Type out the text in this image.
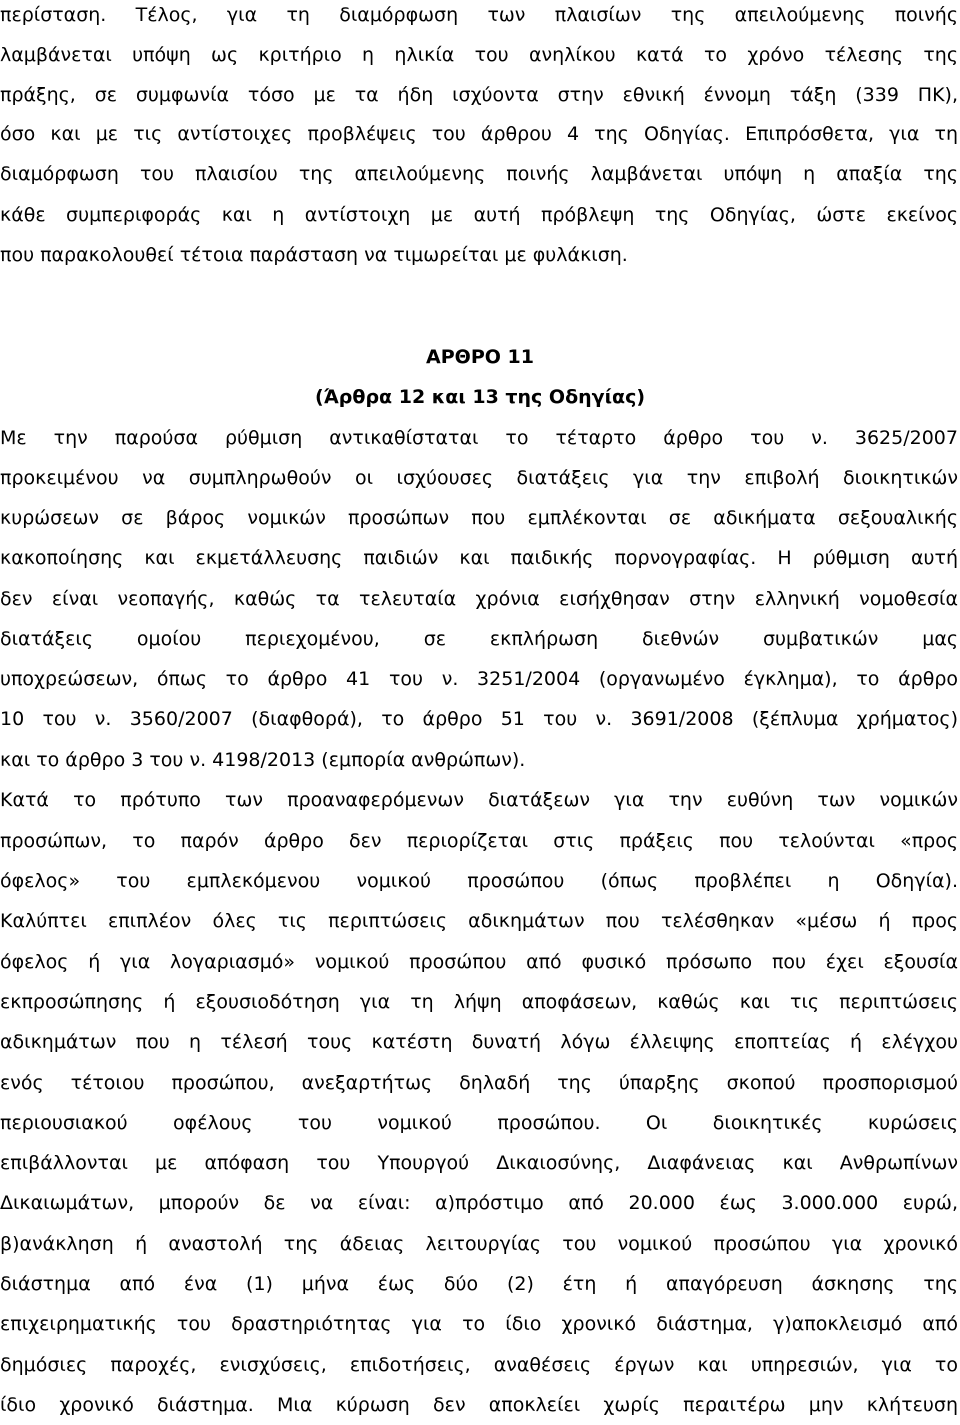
περίσταση. Τέλος, για τη διαμόρφωση των πλαισίων της απειλούμενης ποινής
λαμβάνεται υπόψη ως κριτήριο η ηλικία του ανηλίκου κατά το χρόνο τέλεσης της
πράξης, σε συμφωνία τόσο με τα ήδη ισχύοντα στην εθνική έννομη τάξη (339 ΠΚ),
όσο και με τις αντίστοιχες προβλέψεις του άρθρου 4 της Οδηγίας. Επιπρόσθετα, για τη
διαμόρφωση του πλαισίου της απειλούμενης ποινής λαμβάνεται υπόψη η απαξία της
κάθε συμπεριφοράς και η αντίστοιχη με αυτή πρόβλεψη της Οδηγίας, ώστε εκείνος
που παρακολουθεί τέτοια παράσταση να τιμωρείται με φυλάκιση.
ΑΡΘΡΟ 11
(Άρθρα 12 και 13 της Οδηγίας)
Με την παρούσα ρύθμιση αντικαθίσταται το τέταρτο άρθρο του ν. 3625/2007
προκειμένου να συμπληρωθούν οι ισχύουσες διατάξεις για την επιβολή διοικητικών
κυρώσεων σε βάρος νομικών προσώπων που εμπλέκονται σε αδικήματα σεξουαλικής
κακοποίησης και εκμετάλλευσης παιδιών και παιδικής πορνογραφίας. Η ρύθμιση αυτή
δεν είναι νεοπαγής, καθώς τα τελευταία χρόνια εισήχθησαν στην ελληνική νομοθεσία
διατάξεις ομοίου περιεχομένου, σε εκπλήρωση διεθνών συμβατικών μας
υποχρεώσεων, όπως το άρθρο 41 του ν. 3251/2004 (οργανωμένο έγκλημα), το άρθρο
10 του ν. 3560/2007 (διαφθορά), το άρθρο 51 του ν. 3691/2008 (ξέπλυμα χρήματος)
και το άρθρο 3 του ν. 4198/2013 (εμπορία ανθρώπων).
Κατά το πρότυπο των προαναφερόμενων διατάξεων για την ευθύνη των νομικών
προσώπων, το παρόν άρθρο δεν περιορίζεται στις πράξεις που τελούνται «προς
όφελος» του εμπλεκόμενου νομικού προσώπου (όπως προβλέπει η Οδηγία).
Καλύπτει επιπλέον όλες τις περιπτώσεις αδικημάτων που τελέσθηκαν «μέσω ή προς
όφελος ή για λογαριασμό» νομικού προσώπου από φυσικό πρόσωπο που έχει εξουσία
εκπροσώπησης ή εξουσιοδότηση για τη λήψη αποφάσεων, καθώς και τις περιπτώσεις
αδικημάτων που η τέλεσή τους κατέστη δυνατή λόγω έλλειψης εποπτείας ή ελέγχου
ενός τέτοιου προσώπου, ανεξαρτήτως δηλαδή της ύπαρξης σκοπού προσπορισμού
περιουσιακού οφέλους του νομικού προσώπου. Οι διοικητικές κυρώσεις
επιβάλλονται με απόφαση του Υπουργού Δικαιοσύνης, Διαφάνειας και Ανθρωπίνων
Δικαιωμάτων, μπορούν δε να είναι: α)πρόστιμο από 20.000 έως 3.000.000 ευρώ,
β)ανάκληση ή αναστολή της άδειας λειτουργίας του νομικού προσώπου για χρονικό
διάστημα από ένα (1) μήνα έως δύο (2) έτη ή απαγόρευση άσκησης της
επιχειρηματικής του δραστηριότητας για το ίδιο χρονικό διάστημα, γ)αποκλεισμό από
δημόσιες παροχές, ενισχύσεις, επιδοτήσεις, αναθέσεις έργων και υπηρεσιών, για το
ίδιο χρονικό διάστημα. Μια κύρωση δεν αποκλείει χωρίς περαιτέρω μην κλήτευση
